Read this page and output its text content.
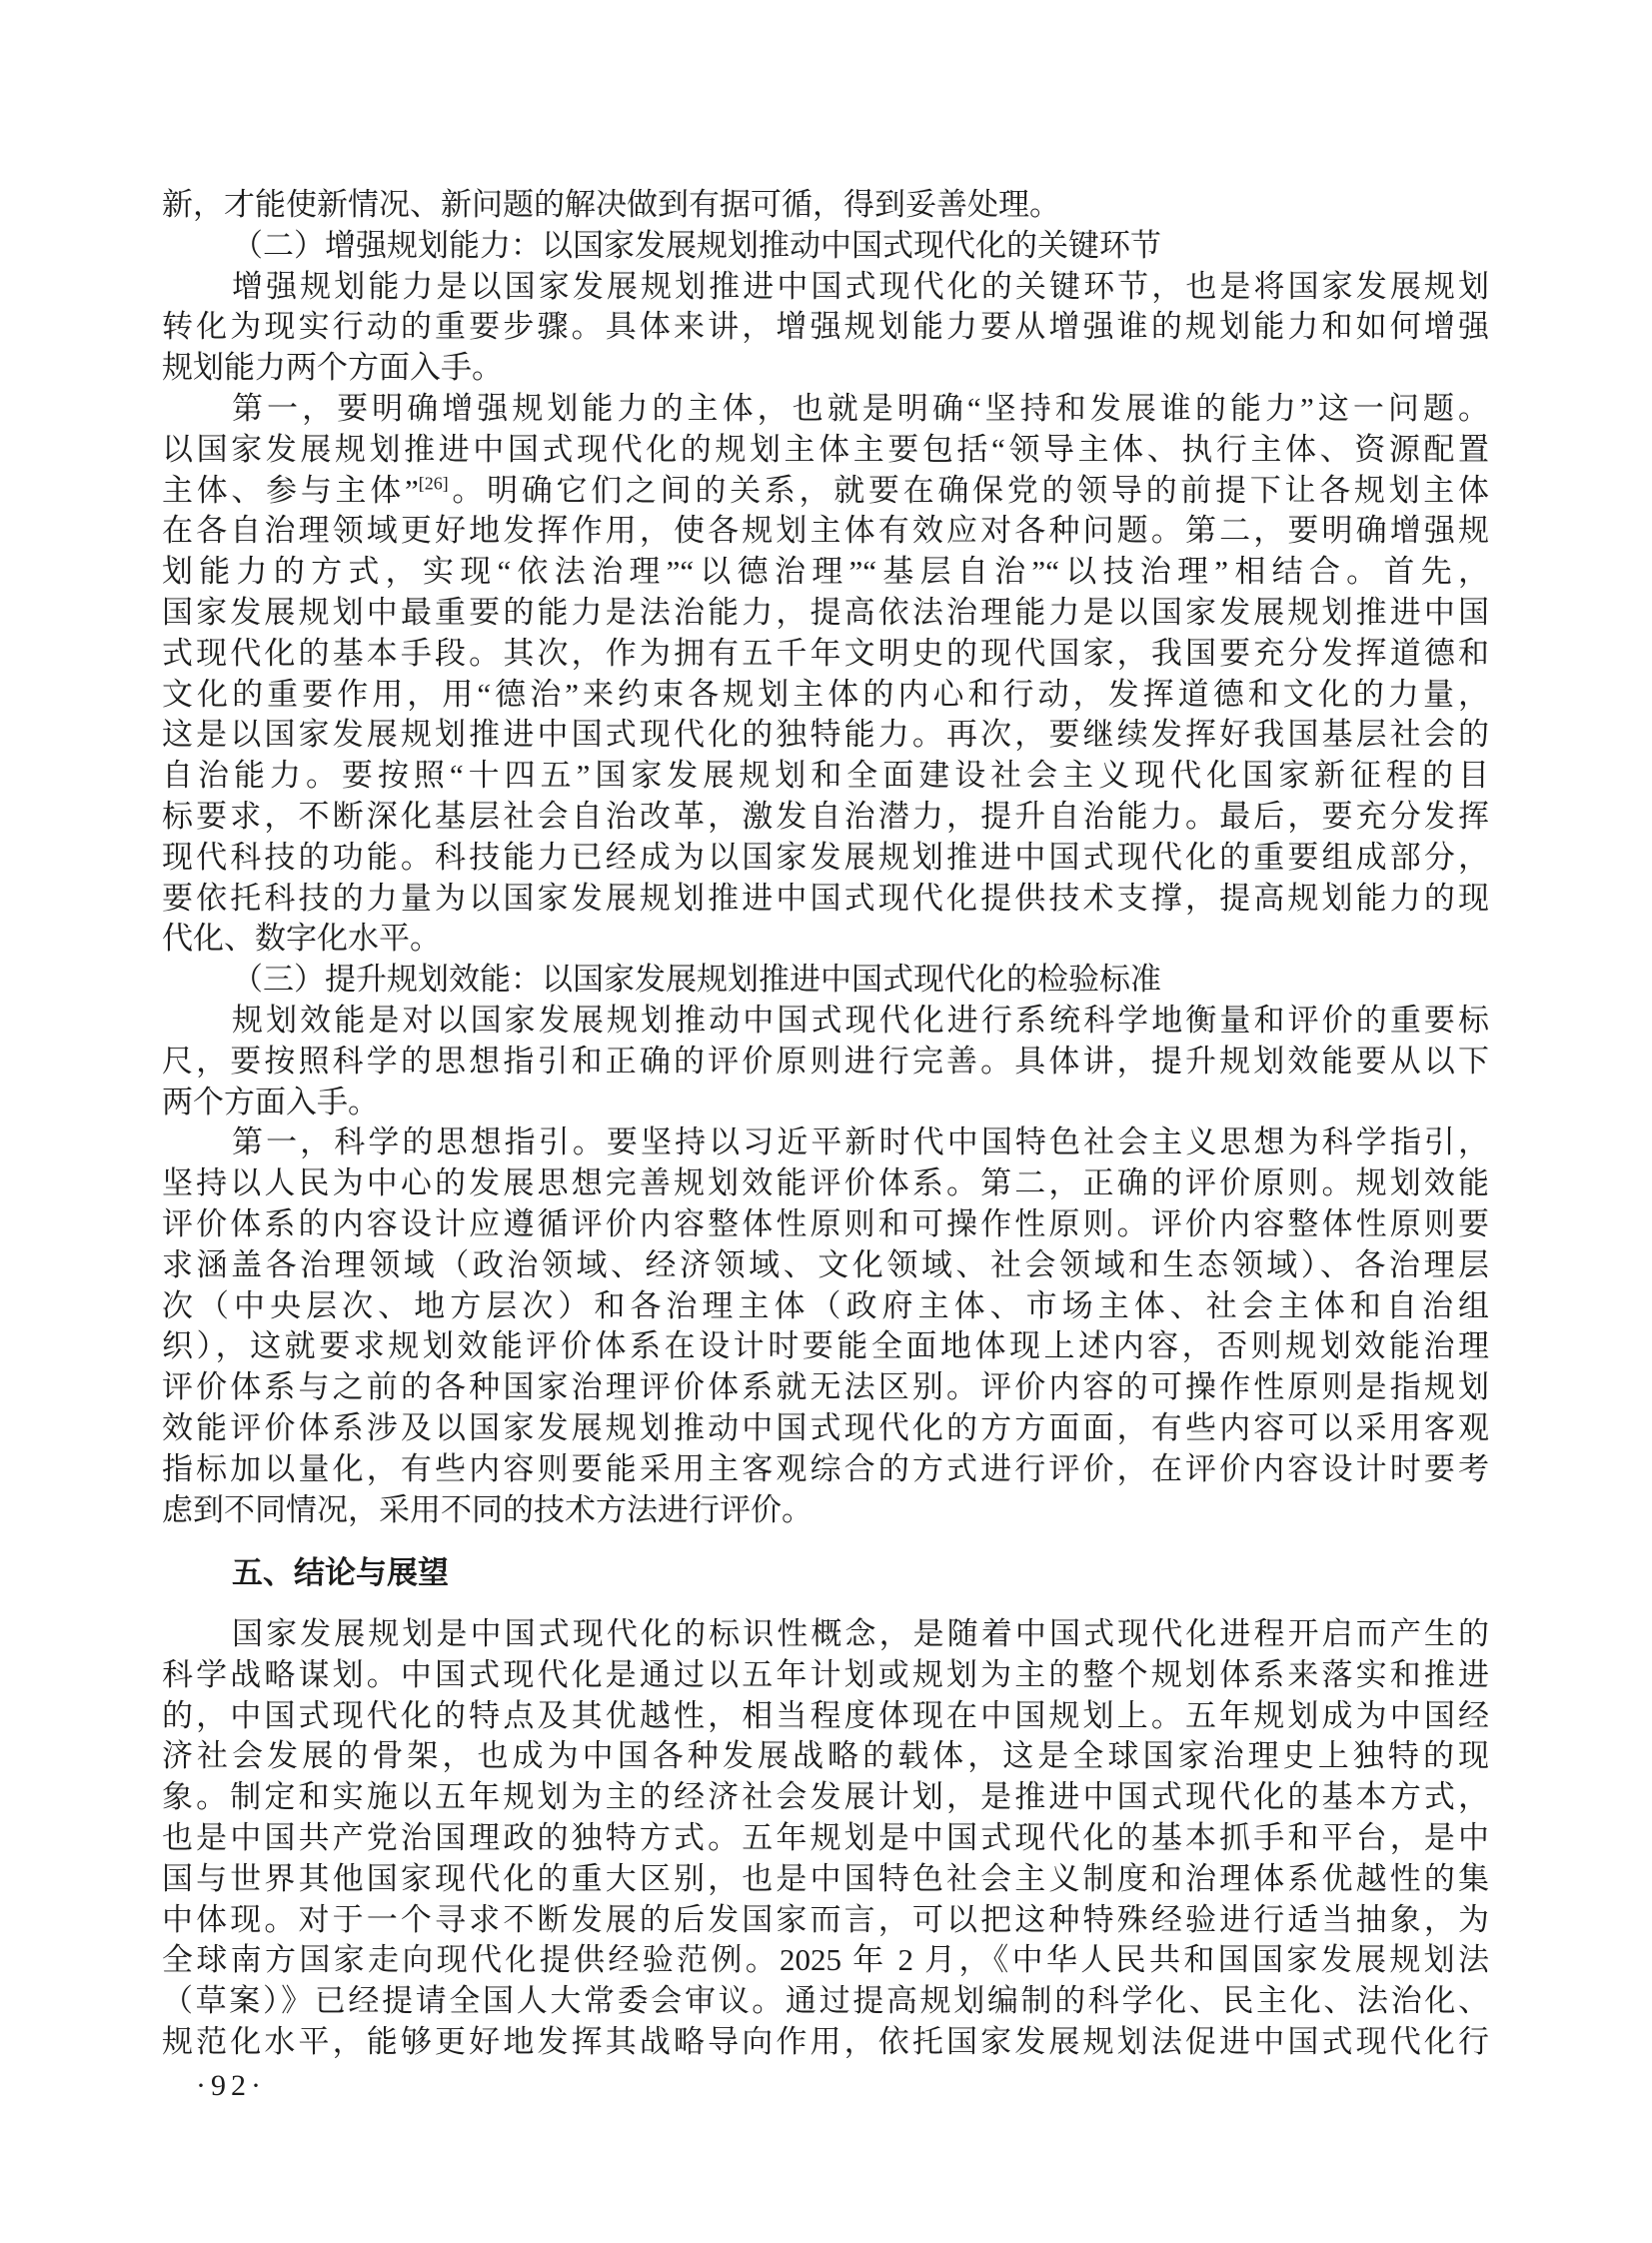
新，才能使新情况、新问题的解决做到有据可循，得到妥善处理。
（二）增强规划能力：以国家发展规划推动中国式现代化的关键环节
增强规划能力是以国家发展规划推进中国式现代化的关键环节，也是将国家发展规划
转化为现实行动的重要步骤。具体来讲，增强规划能力要从增强谁的规划能力和如何增强
规划能力两个方面入手。
第一，要明确增强规划能力的主体，也就是明确“坚持和发展谁的能力”这一问题。
以国家发展规划推进中国式现代化的规划主体主要包括“领导主体、执行主体、资源配置
主体、参与主体”[26]。明确它们之间的关系，就要在确保党的领导的前提下让各规划主体
在各自治理领域更好地发挥作用，使各规划主体有效应对各种问题。第二，要明确增强规
划能力的方式，实现“依法治理”“以德治理”“基层自治”“以技治理”相结合。首先，
国家发展规划中最重要的能力是法治能力，提高依法治理能力是以国家发展规划推进中国
式现代化的基本手段。其次，作为拥有五千年文明史的现代国家，我国要充分发挥道德和
文化的重要作用，用“德治”来约束各规划主体的内心和行动，发挥道德和文化的力量，
这是以国家发展规划推进中国式现代化的独特能力。再次，要继续发挥好我国基层社会的
自治能力。要按照“十四五”国家发展规划和全面建设社会主义现代化国家新征程的目
标要求，不断深化基层社会自治改革，激发自治潜力，提升自治能力。最后，要充分发挥
现代科技的功能。科技能力已经成为以国家发展规划推进中国式现代化的重要组成部分，
要依托科技的力量为以国家发展规划推进中国式现代化提供技术支撑，提高规划能力的现
代化、数字化水平。
（三）提升规划效能：以国家发展规划推进中国式现代化的检验标准
规划效能是对以国家发展规划推动中国式现代化进行系统科学地衡量和评价的重要标
尺，要按照科学的思想指引和正确的评价原则进行完善。具体讲，提升规划效能要从以下
两个方面入手。
第一，科学的思想指引。要坚持以习近平新时代中国特色社会主义思想为科学指引，
坚持以人民为中心的发展思想完善规划效能评价体系。第二，正确的评价原则。规划效能
评价体系的内容设计应遵循评价内容整体性原则和可操作性原则。评价内容整体性原则要
求涵盖各治理领域（政治领域、经济领域、文化领域、社会领域和生态领域）、各治理层
次（中央层次、地方层次）和各治理主体（政府主体、市场主体、社会主体和自治组
织），这就要求规划效能评价体系在设计时要能全面地体现上述内容，否则规划效能治理
评价体系与之前的各种国家治理评价体系就无法区别。评价内容的可操作性原则是指规划
效能评价体系涉及以国家发展规划推动中国式现代化的方方面面，有些内容可以采用客观
指标加以量化，有些内容则要能采用主客观综合的方式进行评价，在评价内容设计时要考
虑到不同情况，采用不同的技术方法进行评价。
五、结论与展望
国家发展规划是中国式现代化的标识性概念，是随着中国式现代化进程开启而产生的
科学战略谋划。中国式现代化是通过以五年计划或规划为主的整个规划体系来落实和推进
的，中国式现代化的特点及其优越性，相当程度体现在中国规划上。五年规划成为中国经
济社会发展的骨架，也成为中国各种发展战略的载体，这是全球国家治理史上独特的现
象。制定和实施以五年规划为主的经济社会发展计划，是推进中国式现代化的基本方式，
也是中国共产党治国理政的独特方式。五年规划是中国式现代化的基本抓手和平台，是中
国与世界其他国家现代化的重大区别，也是中国特色社会主义制度和治理体系优越性的集
中体现。对于一个寻求不断发展的后发国家而言，可以把这种特殊经验进行适当抽象，为
全球南方国家走向现代化提供经验范例。2025 年 2 月，《中华人民共和国国家发展规划法
（草案）》已经提请全国人大常委会审议。通过提高规划编制的科学化、民主化、法治化、
规范化水平，能够更好地发挥其战略导向作用，依托国家发展规划法促进中国式现代化行
·92·
